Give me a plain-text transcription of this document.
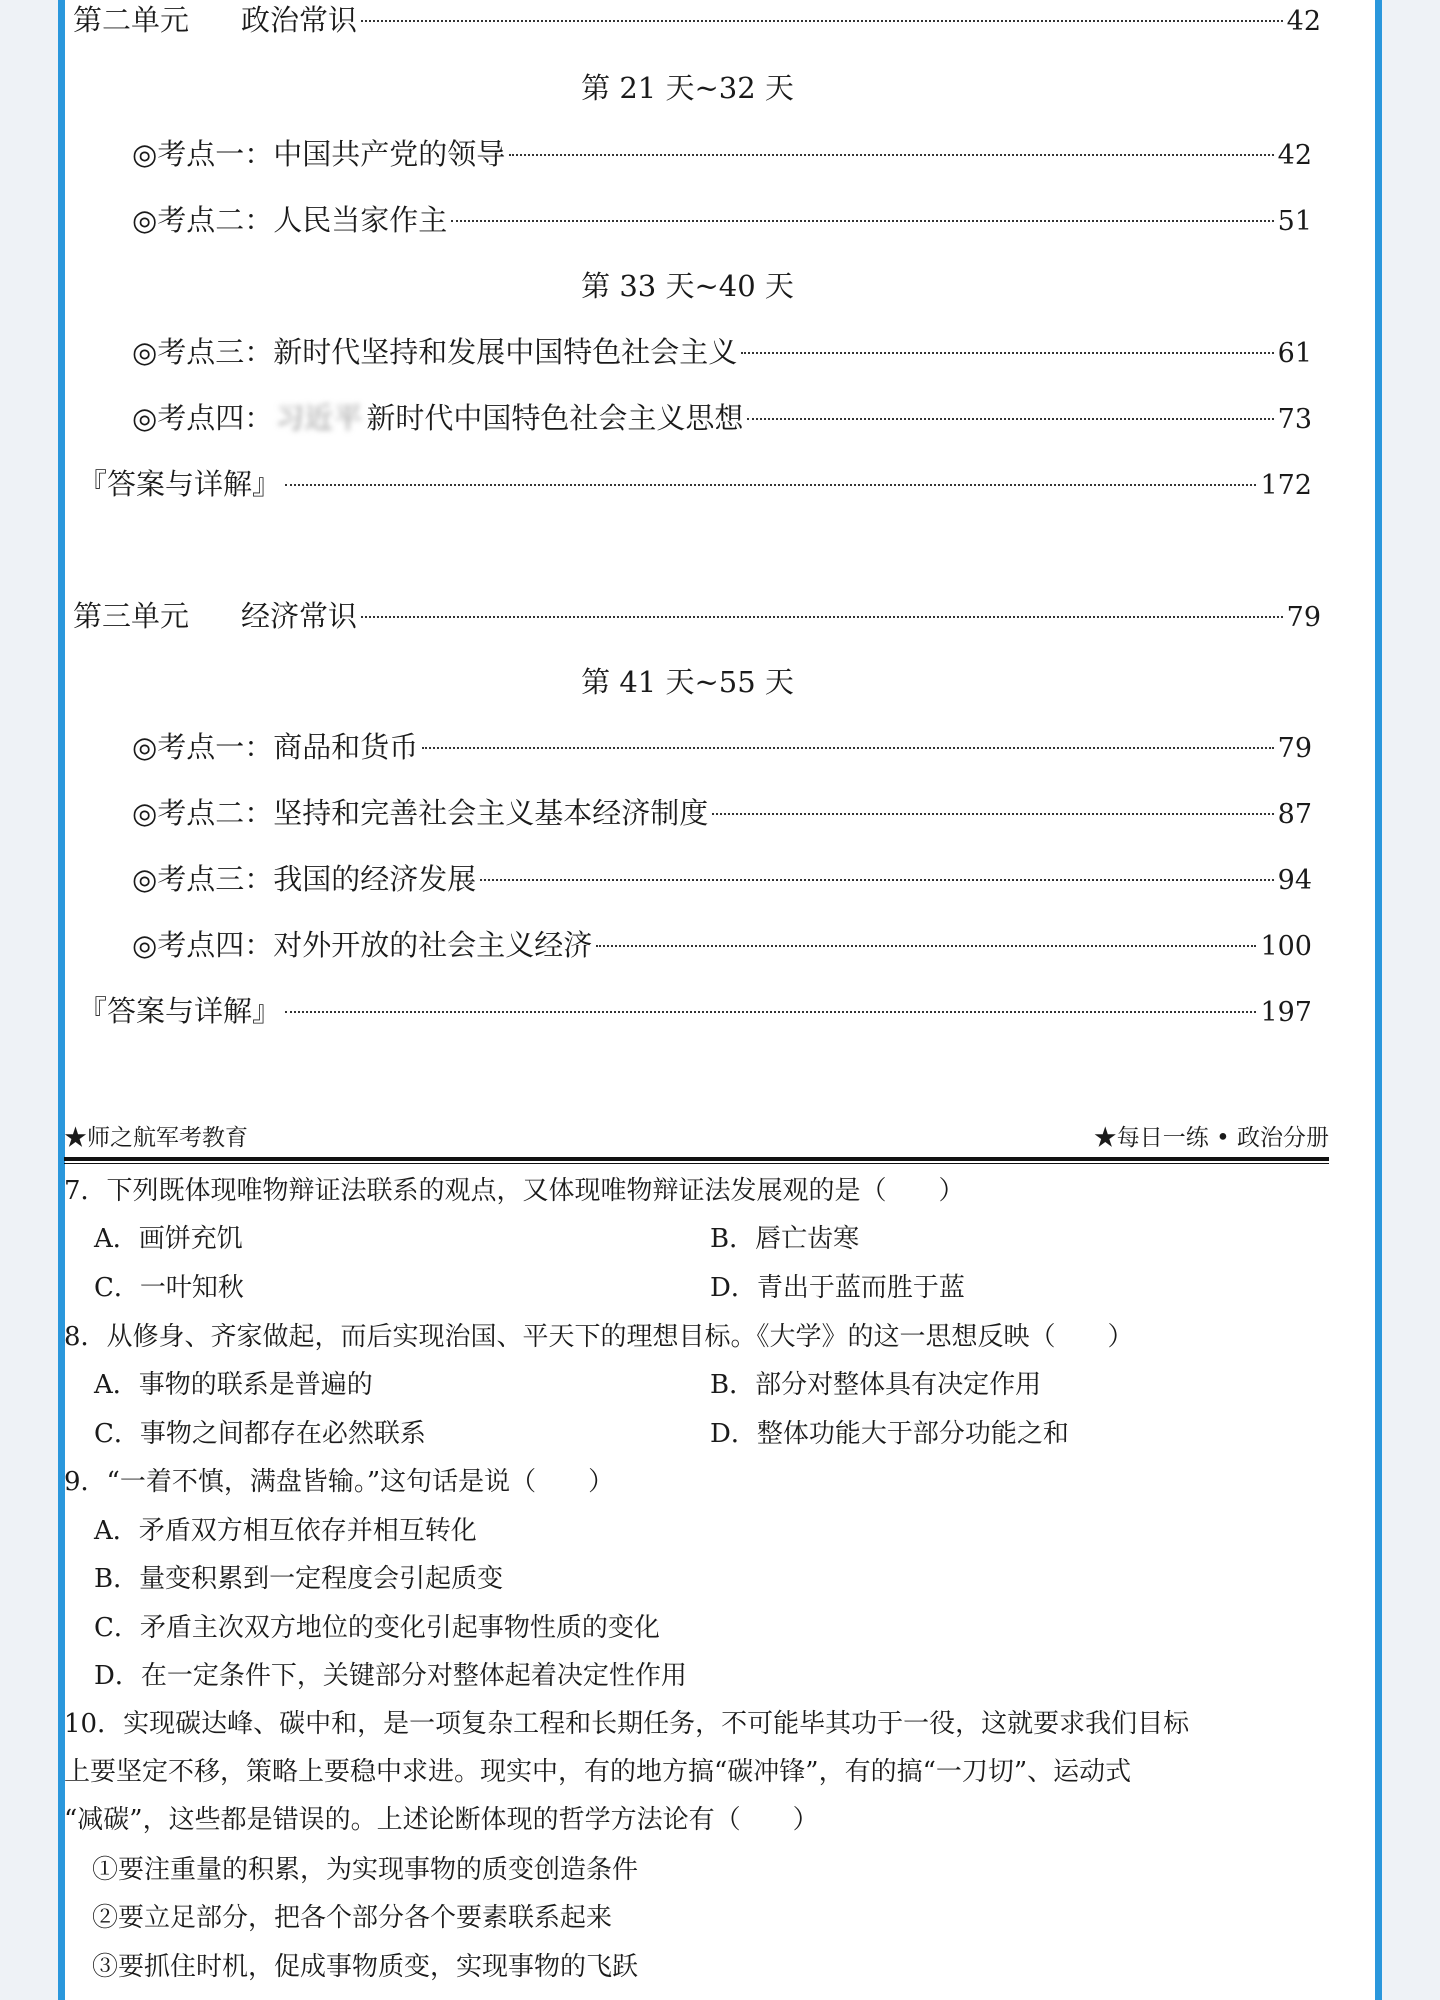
第二单元	政治常识	42
第 21 天~32 天
◎考点一：中国共产党的领导	42
◎考点二：人民当家作主	51
第 33 天~40 天
◎考点三：新时代坚持和发展中国特色社会主义	61
◎考点四： 习近平 新时代中国特色社会主义思想	73
『答案与详解』	172
第三单元	经济常识	79
第 41 天~55 天
◎考点一：商品和货币	79
◎考点二：坚持和完善社会主义基本经济制度	87
◎考点三：我国的经济发展	94
◎考点四：对外开放的社会主义经济	100
『答案与详解』	197
★师之航军考教育	★每日一练 • 政治分册
7．下列既体现唯物辩证法联系的观点，又体现唯物辩证法发展观的是（　　）
A．画饼充饥	B．唇亡齿寒
C．一叶知秋	D．青出于蓝而胜于蓝
8．从修身、齐家做起，而后实现治国、平天下的理想目标。《大学》的这一思想反映（　　）
A．事物的联系是普遍的	B．部分对整体具有决定作用
C．事物之间都存在必然联系	D．整体功能大于部分功能之和
9．“一着不慎，满盘皆输。”这句话是说（　　）
A．矛盾双方相互依存并相互转化
B．量变积累到一定程度会引起质变
C．矛盾主次双方地位的变化引起事物性质的变化
D．在一定条件下，关键部分对整体起着决定性作用
10．实现碳达峰、碳中和，是一项复杂工程和长期任务，不可能毕其功于一役，这就要求我们目标
上要坚定不移，策略上要稳中求进。现实中，有的地方搞“碳冲锋”，有的搞“一刀切”、运动式
“减碳”，这些都是错误的。上述论断体现的哲学方法论有（　　）
①要注重量的积累，为实现事物的质变创造条件
②要立足部分，把各个部分各个要素联系起来
③要抓住时机，促成事物质变，实现事物的飞跃
